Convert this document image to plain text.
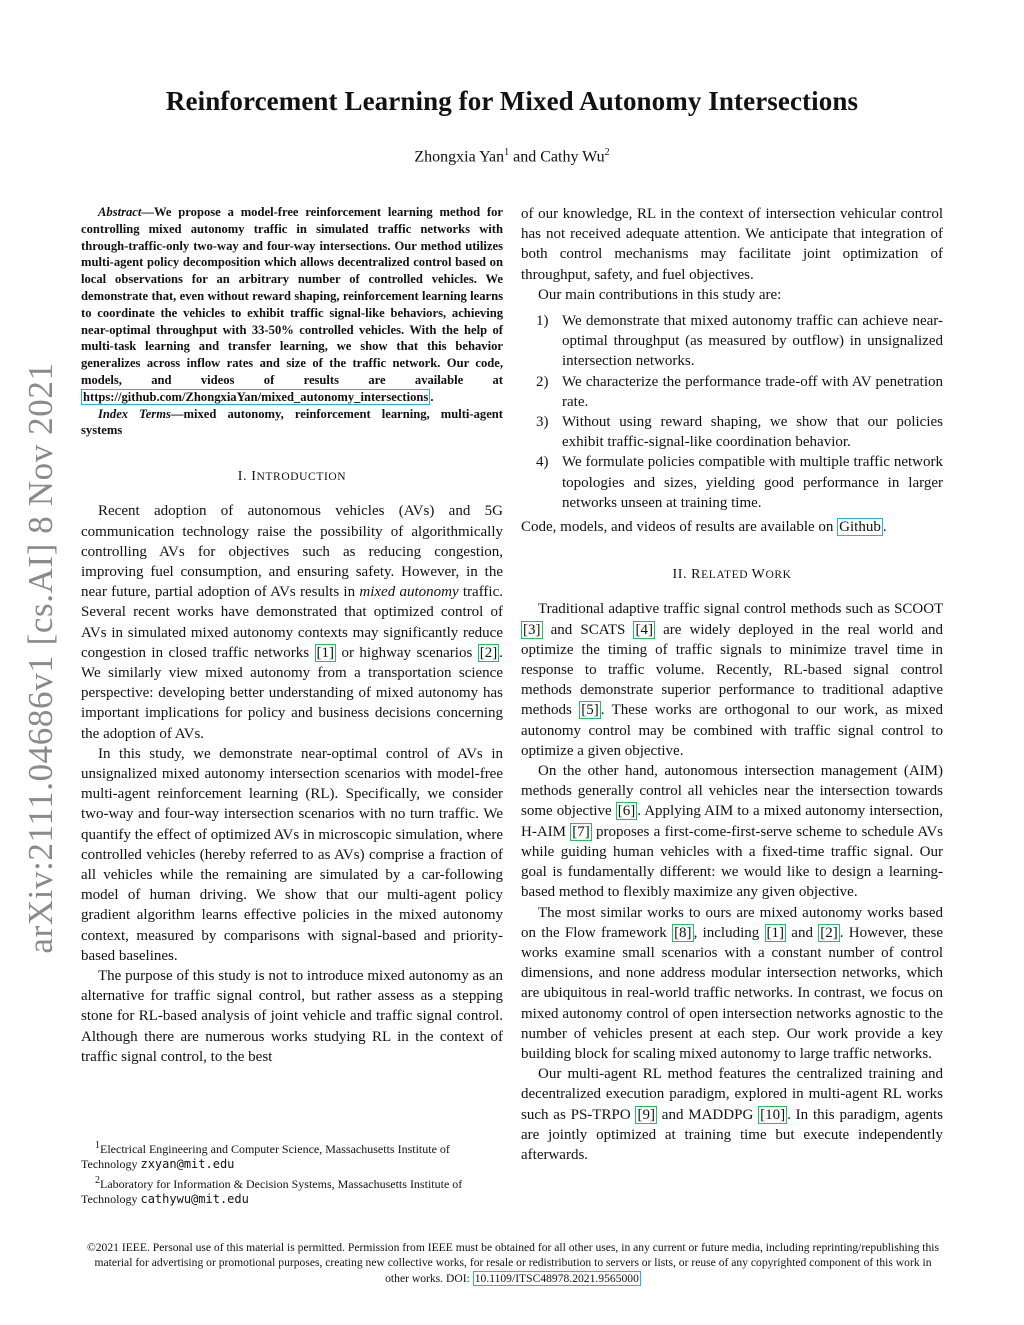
arXiv:2111.04686v1 [cs.AI] 8 Nov 2021
Reinforcement Learning for Mixed Autonomy Intersections
Zhongxia Yan$^1$ and Cathy Wu$^2$

Abstract—We propose a model-free reinforcement learning method for controlling mixed autonomy traffic in simulated traffic networks with through-traffic-only two-way and four-way intersections. Our method utilizes multi-agent policy decomposition which allows decentralized control based on local observations for an arbitrary number of controlled vehicles. We demonstrate that, even without reward shaping, reinforcement learning learns to coordinate the vehicles to exhibit traffic signal-like behaviors, achieving near-optimal throughput with 33-50% controlled vehicles. With the help of multi-task learning and transfer learning, we show that this behavior generalizes across inflow rates and size of the traffic network. Our code, models, and videos of results are available at https://github.com/ZhongxiaYan/mixed_autonomy_intersections .

Index Terms—mixed autonomy, reinforcement learning, multi-agent systems

I. INTRODUCTION

Recent adoption of autonomous vehicles (AVs) and 5G communication technology raise the possibility of algorithmically controlling AVs for objectives such as reducing congestion, improving fuel consumption, and ensuring safety. However, in the near future, partial adoption of AVs results in mixed autonomy traffic. Several recent works have demonstrated that optimized control of AVs in simulated mixed autonomy contexts may significantly reduce congestion in closed traffic networks [1] or highway scenarios [2] . We similarly view mixed autonomy from a transportation science perspective: developing better understanding of mixed autonomy has important implications for policy and business decisions concerning the adoption of AVs.

In this study, we demonstrate near-optimal control of AVs in unsignalized mixed autonomy intersection scenarios with model-free multi-agent reinforcement learning (RL). Specifically, we consider two-way and four-way intersection scenarios with no turn traffic. We quantify the effect of optimized AVs in microscopic simulation, where controlled vehicles (hereby referred to as AVs) comprise a fraction of all vehicles while the remaining are simulated by a car-following model of human driving. We show that our multi-agent policy gradient algorithm learns effective policies in the mixed autonomy context, measured by comparisons with signal-based and priority-based baselines.

The purpose of this study is not to introduce mixed autonomy as an alternative for traffic signal control, but rather assess as a stepping stone for RL-based analysis of joint vehicle and traffic signal control. Although there are numerous works studying RL in the context of traffic signal control, to the best

$^1$Electrical Engineering and Computer Science, Massachusetts Institute of Technology zxyan@mit.edu

$^2$Laboratory for Information & Decision Systems, Massachusetts Institute of Technology cathywu@mit.edu

of our knowledge, RL in the context of intersection vehicular control has not received adequate attention. We anticipate that integration of both control mechanisms may facilitate joint optimization of throughput, safety, and fuel objectives.

Our main contributions in this study are:

1) We demonstrate that mixed autonomy traffic can achieve near-optimal throughput (as measured by outflow) in unsignalized intersection networks.
2) We characterize the performance trade-off with AV penetration rate.
3) Without using reward shaping, we show that our policies exhibit traffic-signal-like coordination behavior.
4) We formulate policies compatible with multiple traffic network topologies and sizes, yielding good performance in larger networks unseen at training time.

Code, models, and videos of results are available on Github .

II. RELATED WORK

Traditional adaptive traffic signal control methods such as SCOOT [3] and SCATS [4] are widely deployed in the real world and optimize the timing of traffic signals to minimize travel time in response to traffic volume. Recently, RL-based signal control methods demonstrate superior performance to traditional adaptive methods [5] . These works are orthogonal to our work, as mixed autonomy control may be combined with traffic signal control to optimize a given objective.

On the other hand, autonomous intersection management (AIM) methods generally control all vehicles near the intersection towards some objective [6] . Applying AIM to a mixed autonomy intersection, H-AIM [7] proposes a first-come-first-serve scheme to schedule AVs while guiding human vehicles with a fixed-time traffic signal. Our goal is fundamentally different: we would like to design a learning-based method to flexibly maximize any given objective.

The most similar works to ours are mixed autonomy works based on the Flow framework [8] , including [1] and [2] . However, these works examine small scenarios with a constant number of control dimensions, and none address modular intersection networks, which are ubiquitous in real-world traffic networks. In contrast, we focus on mixed autonomy control of open intersection networks agnostic to the number of vehicles present at each step. Our work provide a key building block for scaling mixed autonomy to large traffic networks.

Our multi-agent RL method features the centralized training and decentralized execution paradigm, explored in multi-agent RL works such as PS-TRPO [9] and MADDPG [10] . In this paradigm, agents are jointly optimized at training time but execute independently afterwards.

©2021 IEEE. Personal use of this material is permitted. Permission from IEEE must be obtained for all other uses, in any current or future media, including reprinting/republishing this material for advertising or promotional purposes, creating new collective works, for resale or redistribution to servers or lists, or reuse of any copyrighted component of this work in other works. DOI: 10.1109/ITSC48978.2021.9565000
